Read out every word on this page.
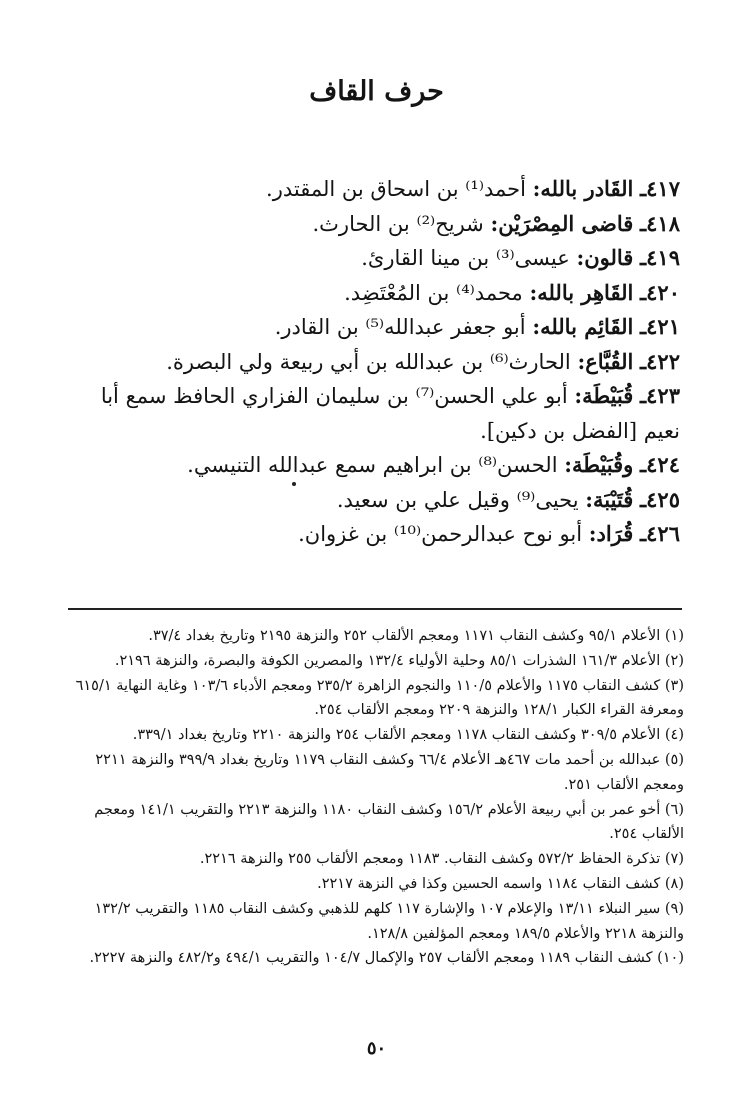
حرف القاف

٤١٧ـ القَادر بالله: أحمد⁽¹⁾ بن اسحاق بن المقتدر.

٤١٨ـ قاضى المِصْرَيْن: شريح⁽²⁾ بن الحارث.

٤١٩ـ قالون: عيسى⁽³⁾ بن مينا القارئ.

٤٢٠ـ القَاهِر بالله: محمد⁽⁴⁾ بن المُعْتَضِد.

٤٢١ـ القَائِم بالله: أبو جعفر عبدالله⁽⁵⁾ بن القادر.

٤٢٢ـ القُبَّاع: الحارث⁽⁶⁾ بن عبدالله بن أبي ربيعة ولي البصرة.

٤٢٣ـ قُبَيْطَة: أبو علي الحسن⁽⁷⁾ بن سليمان الفزاري الحافظ سمع أبا نعيم [الفضل بن دكين].

٤٢٤ـ وقُبَيْطَة: الحسن⁽⁸⁾ بن ابراهيم سمع عبدالله التنيسي.

٤٢٥ـ قُتَيْبَة: يحيى⁽⁹⁾ وقيل علي بن سعيد.

٤٢٦ـ قُرَاد: أبو نوح عبدالرحمن⁽¹⁰⁾ بن غزوان.

(١) الأعلام ٩٥/١ وكشف النقاب ١١٧١ ومعجم الألقاب ٢٥٢ والنزهة ٢١٩٥ وتاريخ بغداد ٣٧/٤.

(٢) الأعلام ١٦١/٣ الشذرات ٨٥/١ وحلية الأولياء ١٣٢/٤ والمصرين الكوفة والبصرة، والنزهة ٢١٩٦.

(٣) كشف النقاب ١١٧٥ والأعلام ١١٠/٥ والنجوم الزاهرة ٢٣٥/٢ ومعجم الأدباء ١٠٣/٦ وغاية النهاية ٦١٥/١ ومعرفة القراء الكبار ١٢٨/١ والنزهة ٢٢٠٩ ومعجم الألقاب ٢٥٤.

(٤) الأعلام ٣٠٩/٥ وكشف النقاب ١١٧٨ ومعجم الألقاب ٢٥٤ والنزهة ٢٢١٠ وتاريخ بغداد ٣٣٩/١.

(٥) عبدالله بن أحمد مات ٤٦٧هـ الأعلام ٦٦/٤ وكشف النقاب ١١٧٩ وتاريخ بغداد ٣٩٩/٩ والنزهة ٢٢١١ ومعجم الألقاب ٢٥١.

(٦) أخو عمر بن أبي ربيعة الأعلام ١٥٦/٢ وكشف النقاب ١١٨٠ والنزهة ٢٢١٣ والتقريب ١٤١/١ ومعجم الألقاب ٢٥٤.

(٧) تذكرة الحفاظ ٥٧٢/٢ وكشف النقاب. ١١٨٣ ومعجم الألقاب ٢٥٥ والنزهة ٢٢١٦.

(٨) كشف النقاب ١١٨٤ واسمه الحسين وكذا في النزهة ٢٢١٧.

(٩) سير النبلاء ١٣/١١ والإعلام ١٠٧ والإشارة ١١٧ كلهم للذهبي وكشف النقاب ١١٨٥ والتقريب ١٣٢/٢ والنزهة ٢٢١٨ والأعلام ١٨٩/٥ ومعجم المؤلفين ١٢٨/٨.

(١٠) كشف النقاب ١١٨٩ ومعجم الألقاب ٢٥٧ والإكمال ١٠٤/٧ والتقريب ٤٩٤/١ و٤٨٢/٢ والنزهة ٢٢٢٧.

٥٠
